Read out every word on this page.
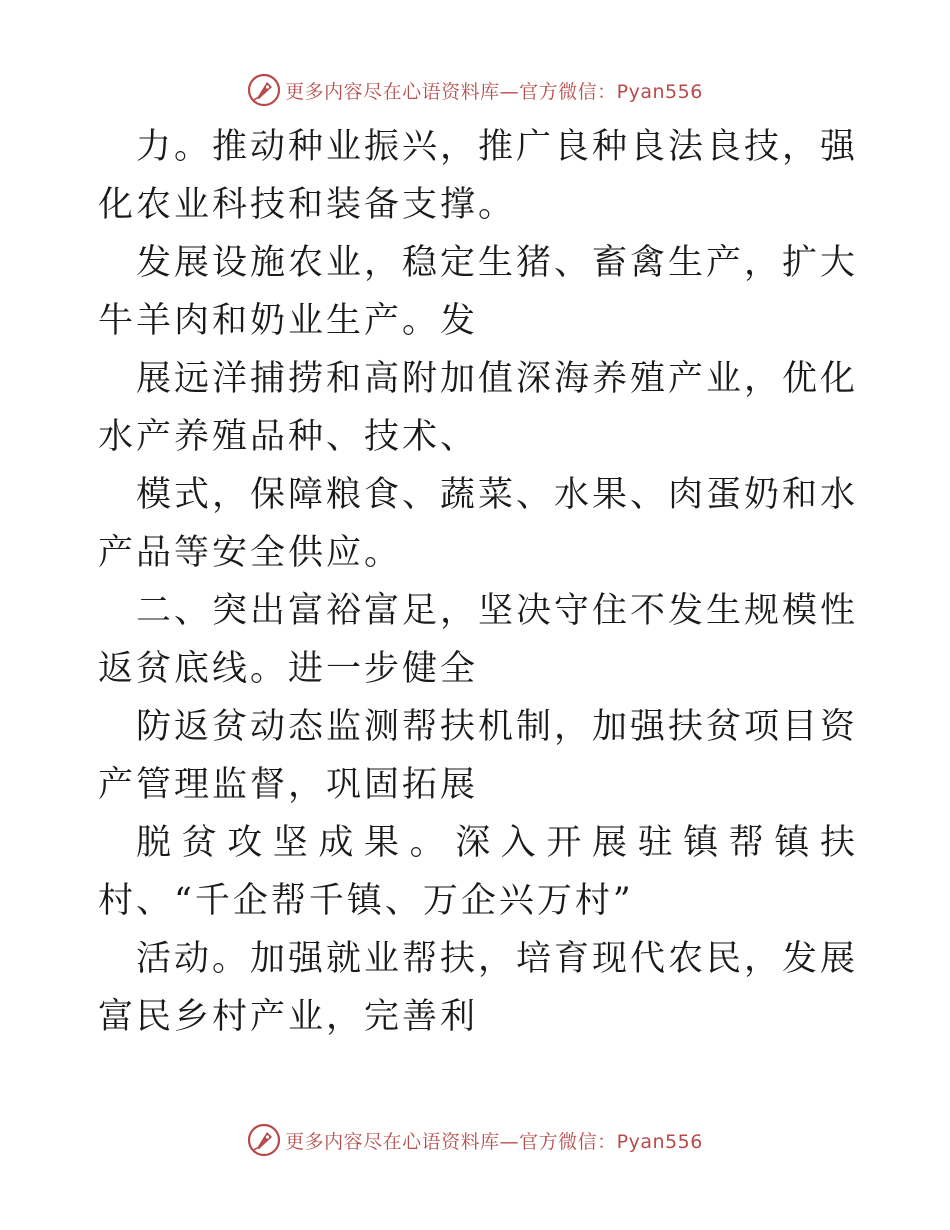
更多内容尽在心语资料库—官方微信：Pyan556

力。推动种业振兴，推广良种良法良技，强化农业科技和装备支撑。

发展设施农业，稳定生猪、畜禽生产，扩大牛羊肉和奶业生产。发

展远洋捕捞和高附加值深海养殖产业，优化水产养殖品种、技术、

模式，保障粮食、蔬菜、水果、肉蛋奶和水产品等安全供应。

二、突出富裕富足，坚决守住不发生规模性返贫底线。进一步健全

防返贫动态监测帮扶机制，加强扶贫项目资产管理监督，巩固拓展

脱贫攻坚成果。深入开展驻镇帮镇扶村、“千企帮千镇、万企兴万村”

活动。加强就业帮扶，培育现代农民，发展富民乡村产业，完善利

更多内容尽在心语资料库—官方微信：Pyan556
